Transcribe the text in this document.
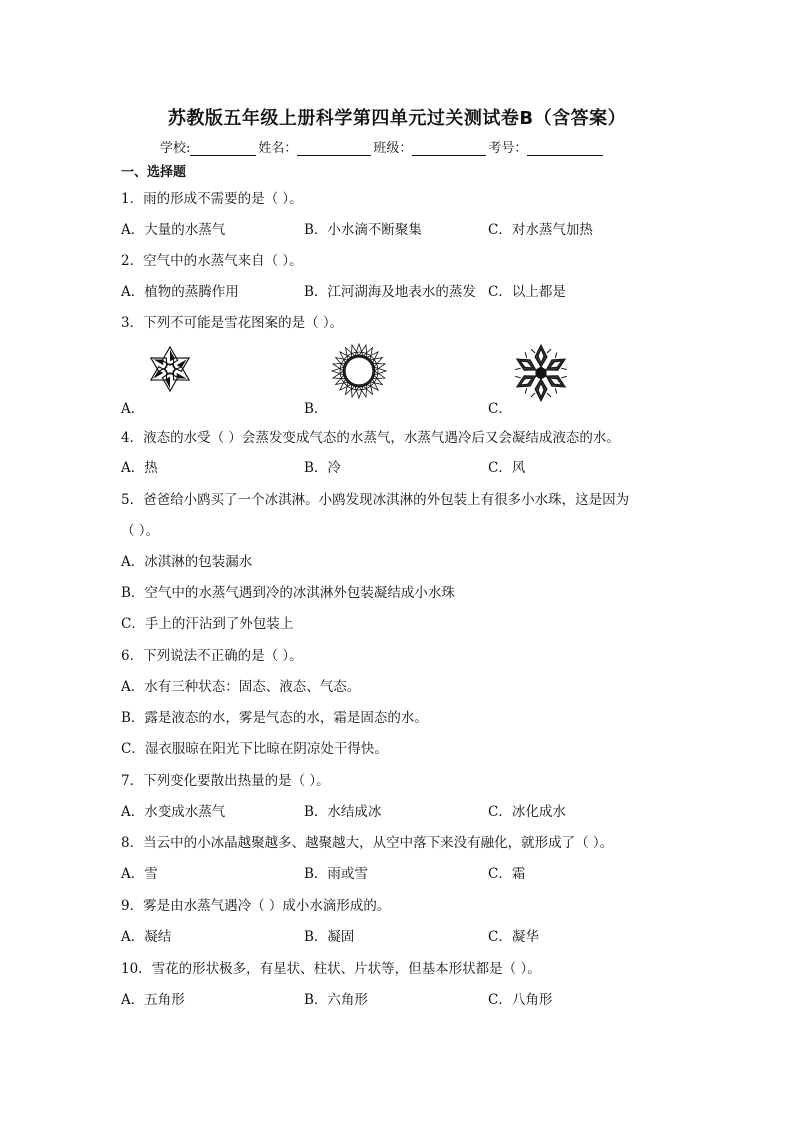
苏教版五年级上册科学第四单元过关测试卷B（含答案）
学校:	姓名：	班级：	考号：
一、选择题
1．雨的形成不需要的是（ ）。
A．大量的水蒸气	B．小水滴不断聚集	C．对水蒸气加热
2．空气中的水蒸气来自（ ）。
A．植物的蒸腾作用	B．江河湖海及地表水的蒸发 C．以上都是
3．下列不可能是雪花图案的是（ ）。
A．	B．	C．
4．液态的水受（ ）会蒸发变成气态的水蒸气，水蒸气遇冷后又会凝结成液态的水。
A．热	B．冷	C．风
5．爸爸给小鸥买了一个冰淇淋。小鸥发现冰淇淋的外包装上有很多小水珠，这是因为
（ ）。
A．冰淇淋的包装漏水
B．空气中的水蒸气遇到冷的冰淇淋外包装凝结成小水珠
C．手上的汗沾到了外包装上
6．下列说法不正确的是（ ）。
A．水有三种状态：固态、液态、气态。
B．露是液态的水，雾是气态的水，霜是固态的水。
C．湿衣服晾在阳光下比晾在阴凉处干得快。
7．下列变化要散出热量的是（ ）。
A．水变成水蒸气	B．水结成冰	C．冰化成水
8．当云中的小冰晶越聚越多、越聚越大，从空中落下来没有融化，就形成了（ ）。
A．雪	B．雨或雪	C．霜
9．雾是由水蒸气遇冷（ ）成小水滴形成的。
A．凝结	B．凝固	C．凝华
10．雪花的形状极多，有星状、柱状、片状等，但基本形状都是（ ）。
A．五角形	B．六角形	C．八角形
